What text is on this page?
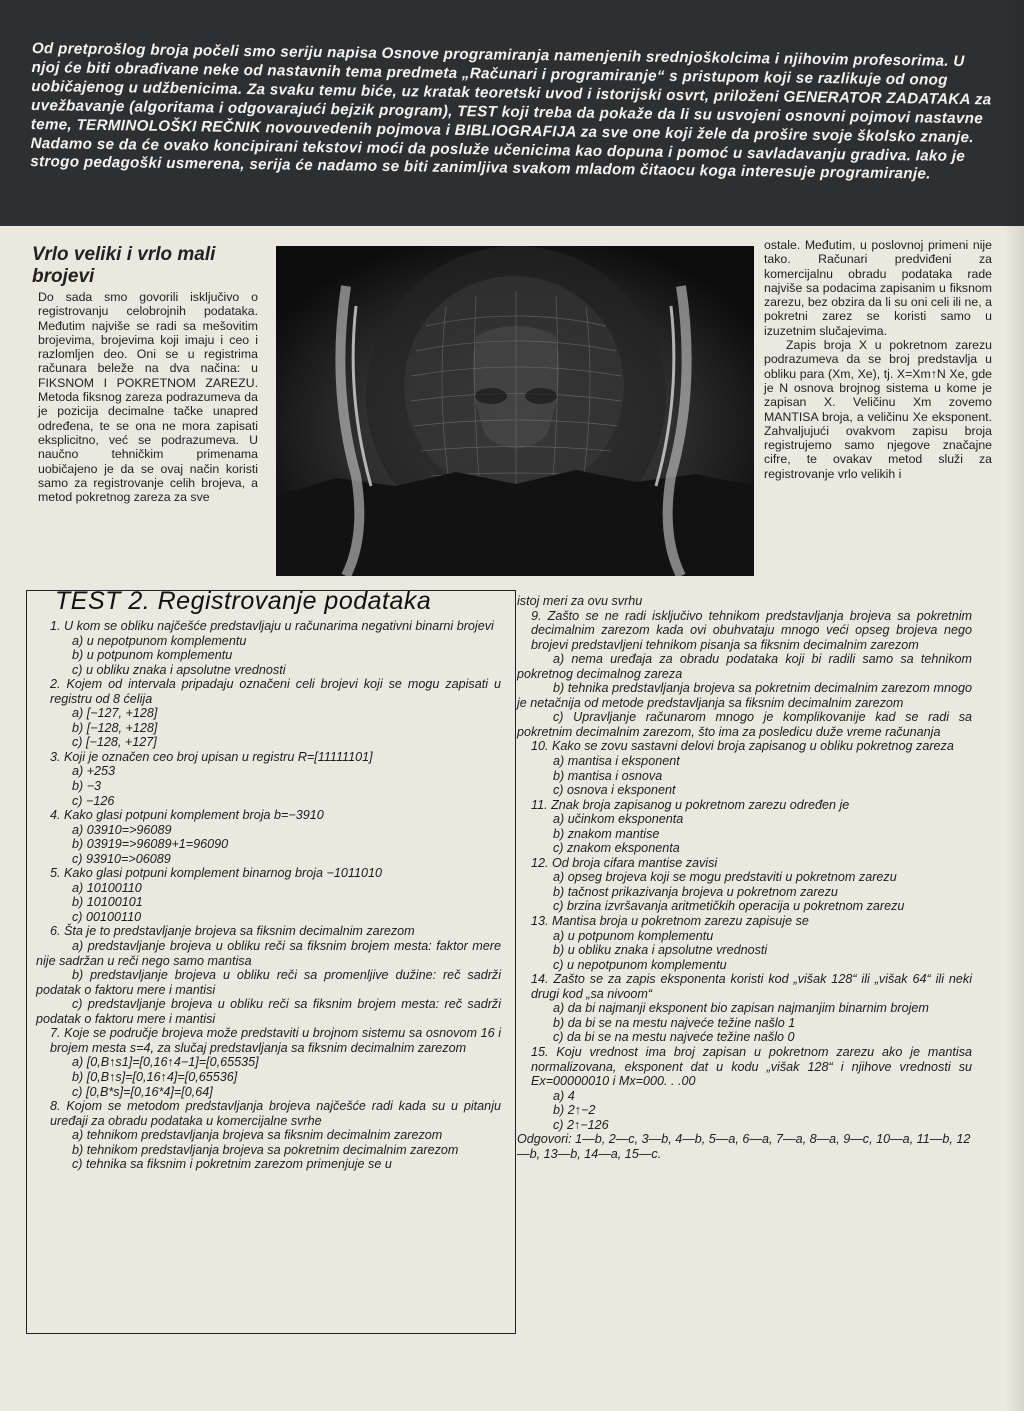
Od pretprošlog broja počeli smo seriju napisa Osnove programiranja namenjenih srednjoškolcima i njihovim profesorima. U njoj će biti obrađivane neke od nastavnih tema predmeta „Računari i programiranje“ s pristupom koji se razlikuje od onog uobičajenog u udžbenicima. Za svaku temu biće, uz kratak teoretski uvod i istorijski osvrt, priloženi GENERATOR ZADATAKA za uvežbavanje (algoritama i odgovarajući bejzik program), TEST koji treba da pokaže da li su usvojeni osnovni pojmovi nastavne teme, TERMINOLOŠKI REČNIK novouvedenih pojmova i BIBLIOGRAFIJA za sve one koji žele da prošire svoje školsko znanje. Nadamo se da će ovako koncipirani tekstovi moći da posluže učenicima kao dopuna i pomoć u savladavanju gradiva. Iako je strogo pedagoški usmerena, serija će nadamo se biti zanimljiva svakom mladom čitaocu koga interesuje programiranje.
Vrlo veliki i vrlo mali brojevi

Do sada smo govorili isključivo o registrovanju celobrojnih podataka. Međutim najviše se radi sa mešovitim brojevima, brojevima koji imaju i ceo i razlomljen deo. Oni se u registrima računara beleže na dva načina: u FIKSNOM I POKRETNOM ZAREZU. Metoda fiksnog zareza podrazumeva da je pozicija decimalne tačke unapred određena, te se ona ne mora zapisati eksplicitno, već se podrazumeva. U naučno tehničkim primenama uobičajeno je da se ovaj način koristi samo za registrovanje celih brojeva, a metod pokretnog zareza za sve

ostale. Međutim, u poslovnoj primeni nije tako. Računari predviđeni za komercijalnu obradu podataka rade najviše sa podacima zapisanim u fiksnom zarezu, bez obzira da li su oni celi ili ne, a pokretni zarez se koristi samo u izuzetnim slučajevima.

Zapis broja X u pokretnom zarezu podrazumeva da se broj predstavlja u obliku para (Xm, Xe), tj. X=Xm↑N Xe, gde je N osnova brojnog sistema u kome je zapisan X. Veličinu Xm zovemo MANTISA broja, a veličinu Xe eksponent. Zahvaljujući ovakvom zapisu broja registrujemo samo njegove značajne cifre, te ovakav metod služi za registrovanje vrlo velikih i

TEST 2. Registrovanje podataka

1. U kom se obliku najčešće predstavljaju u računarima negativni binarni brojevi

a) u nepotpunom komplementu

b) u potpunom komplementu

c) u obliku znaka i apsolutne vrednosti

2. Kojem od intervala pripadaju označeni celi brojevi koji se mogu zapisati u registru od 8 ćelija

a) [−127, +128]

b) [−128, +128]

c) [−128, +127]

3. Koji je označen ceo broj upisan u registru R=[11111101]

a) +253

b) −3

c) −126

4. Kako glasi potpuni komplement broja b=−3910

a) 03910=>96089

b) 03919=>96089+1=96090

c) 93910=>06089

5. Kako glasi potpuni komplement binarnog broja −1011010

a) 10100110

b) 10100101

c) 00100110

6. Šta je to predstavljanje brojeva sa fiksnim decimalnim zarezom

a) predstavljanje brojeva u obliku reči sa fiksnim brojem mesta: faktor mere nije sadržan u reči nego samo mantisa

b) predstavljanje brojeva u obliku reči sa promenljive dužine: reč sadrži podatak o faktoru mere i mantisi

c) predstavljanje brojeva u obliku reči sa fiksnim brojem mesta: reč sadrži podatak o faktoru mere i mantisi

7. Koje se područje brojeva može predstaviti u brojnom sistemu sa osnovom 16 i brojem mesta s=4, za slučaj predstavljanja sa fiksnim decimalnim zarezom

a) [0,B↑s1]=[0,16↑4−1]=[0,65535]

b) [0,B↑s]=[0,16↑4]=[0,65536]

c) [0,B*s]=[0,16*4]=[0,64]

8. Kojom se metodom predstavljanja brojeva najčešće radi kada su u pitanju uređaji za obradu podataka u komercijalne svrhe

a) tehnikom predstavljanja brojeva sa fiksnim decimalnim zarezom

b) tehnikom predstavljanja brojeva sa pokretnim decimalnim zarezom

c) tehnika sa fiksnim i pokretnim zarezom primenjuje se u

istoj meri za ovu svrhu

9. Zašto se ne radi isključivo tehnikom predstavljanja brojeva sa pokretnim decimalnim zarezom kada ovi obuhvataju mnogo veći opseg brojeva nego brojevi predstavljeni tehnikom pisanja sa fiksnim decimalnim zarezom

a) nema uređaja za obradu podataka koji bi radili samo sa tehnikom pokretnog decimalnog zareza

b) tehnika predstavljanja brojeva sa pokretnim decimalnim zarezom mnogo je netačnija od metode predstavljanja sa fiksnim decimalnim zarezom

c) Upravljanje računarom mnogo je komplikovanije kad se radi sa pokretnim decimalnim zarezom, što ima za posledicu duže vreme računanja

10. Kako se zovu sastavni delovi broja zapisanog u obliku pokretnog zareza

a) mantisa i eksponent

b) mantisa i osnova

c) osnova i eksponent

11. Znak broja zapisanog u pokretnom zarezu određen je

a) učinkom eksponenta

b) znakom mantise

c) znakom eksponenta

12. Od broja cifara mantise zavisi

a) opseg brojeva koji se mogu predstaviti u pokretnom zarezu

b) tačnost prikazivanja brojeva u pokretnom zarezu

c) brzina izvršavanja aritmetičkih operacija u pokretnom zarezu

13. Mantisa broja u pokretnom zarezu zapisuje se

a) u potpunom komplementu

b) u obliku znaka i apsolutne vrednosti

c) u nepotpunom komplementu

14. Zašto se za zapis eksponenta koristi kod „višak 128“ ili „višak 64“ ili neki drugi kod „sa nivoom“

a) da bi najmanji eksponent bio zapisan najmanjim binarnim brojem

b) da bi se na mestu najveće težine našlo 1

c) da bi se na mestu najveće težine našlo 0

15. Koju vrednost ima broj zapisan u pokretnom zarezu ako je mantisa normalizovana, eksponent dat u kodu „višak 128“ i njihove vrednosti su Ex=00000010 i Mx=000. . .00

a) 4

b) 2↑−2

c) 2↑−126

Odgovori: 1—b, 2—c, 3—b, 4—b, 5—a, 6—a, 7—a, 8—a, 9—c, 10—a, 11—b, 12—b, 13—b, 14—a, 15—c.
